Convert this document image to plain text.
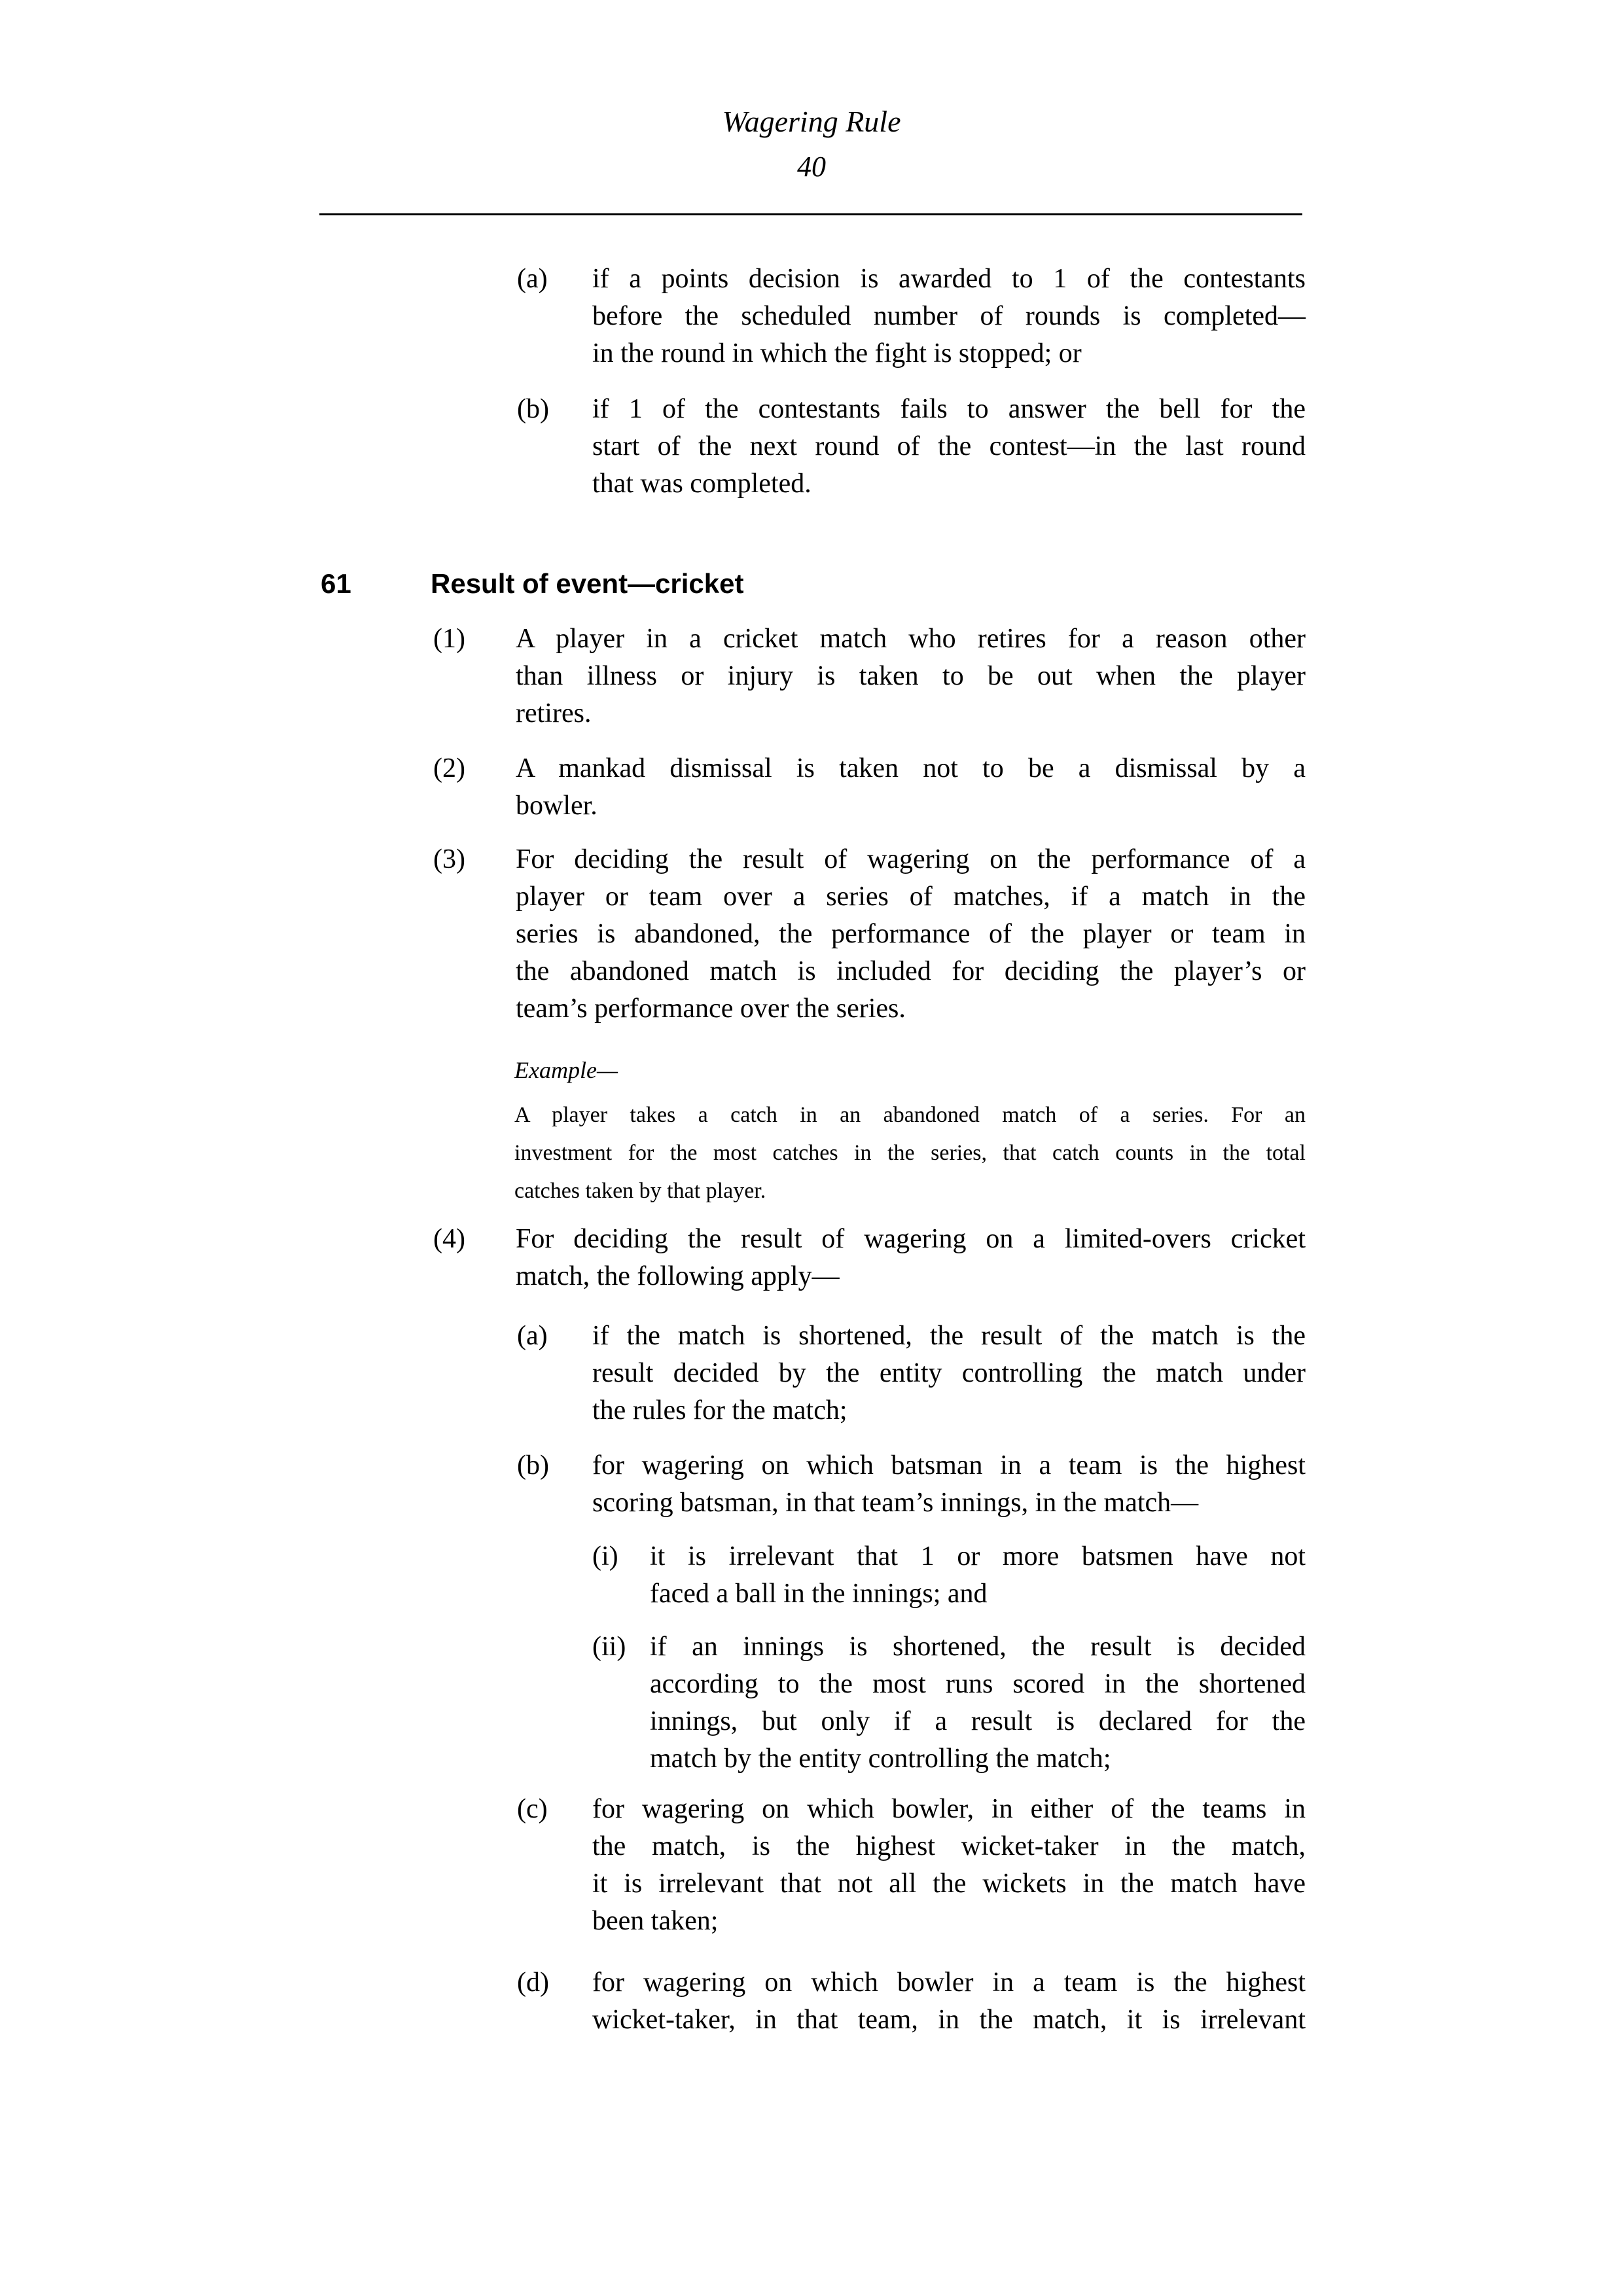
Wagering Rule
40
(a) if a points decision is awarded to 1 of the contestants
before the scheduled number of rounds is completed—
in the round in which the fight is stopped; or
(b) if 1 of the contestants fails to answer the bell for the
start of the next round of the contest—in the last round
that was completed.
61	Result of event—cricket
(1) A player in a cricket match who retires for a reason other
than illness or injury is taken to be out when the player
retires.
(2) A mankad dismissal is taken not to be a dismissal by a
bowler.
(3) For deciding the result of wagering on the performance of a
player or team over a series of matches, if a match in the
series is abandoned, the performance of the player or team in
the abandoned match is included for deciding the player’s or
team’s performance over the series.
Example—
A player takes a catch in an abandoned match of a series. For an
investment for the most catches in the series, that catch counts in the total
catches taken by that player.
(4) For deciding the result of wagering on a limited-overs cricket
match, the following apply—
(a) if the match is shortened, the result of the match is the
result decided by the entity controlling the match under
the rules for the match;
(b) for wagering on which batsman in a team is the highest
scoring batsman, in that team’s innings, in the match—
(i) it is irrelevant that 1 or more batsmen have not
faced a ball in the innings; and
(ii) if an innings is shortened, the result is decided
according to the most runs scored in the shortened
innings, but only if a result is declared for the
match by the entity controlling the match;
(c) for wagering on which bowler, in either of the teams in
the match, is the highest wicket-taker in the match,
it is irrelevant that not all the wickets in the match have
been taken;
(d) for wagering on which bowler in a team is the highest
wicket-taker, in that team, in the match, it is irrelevant
